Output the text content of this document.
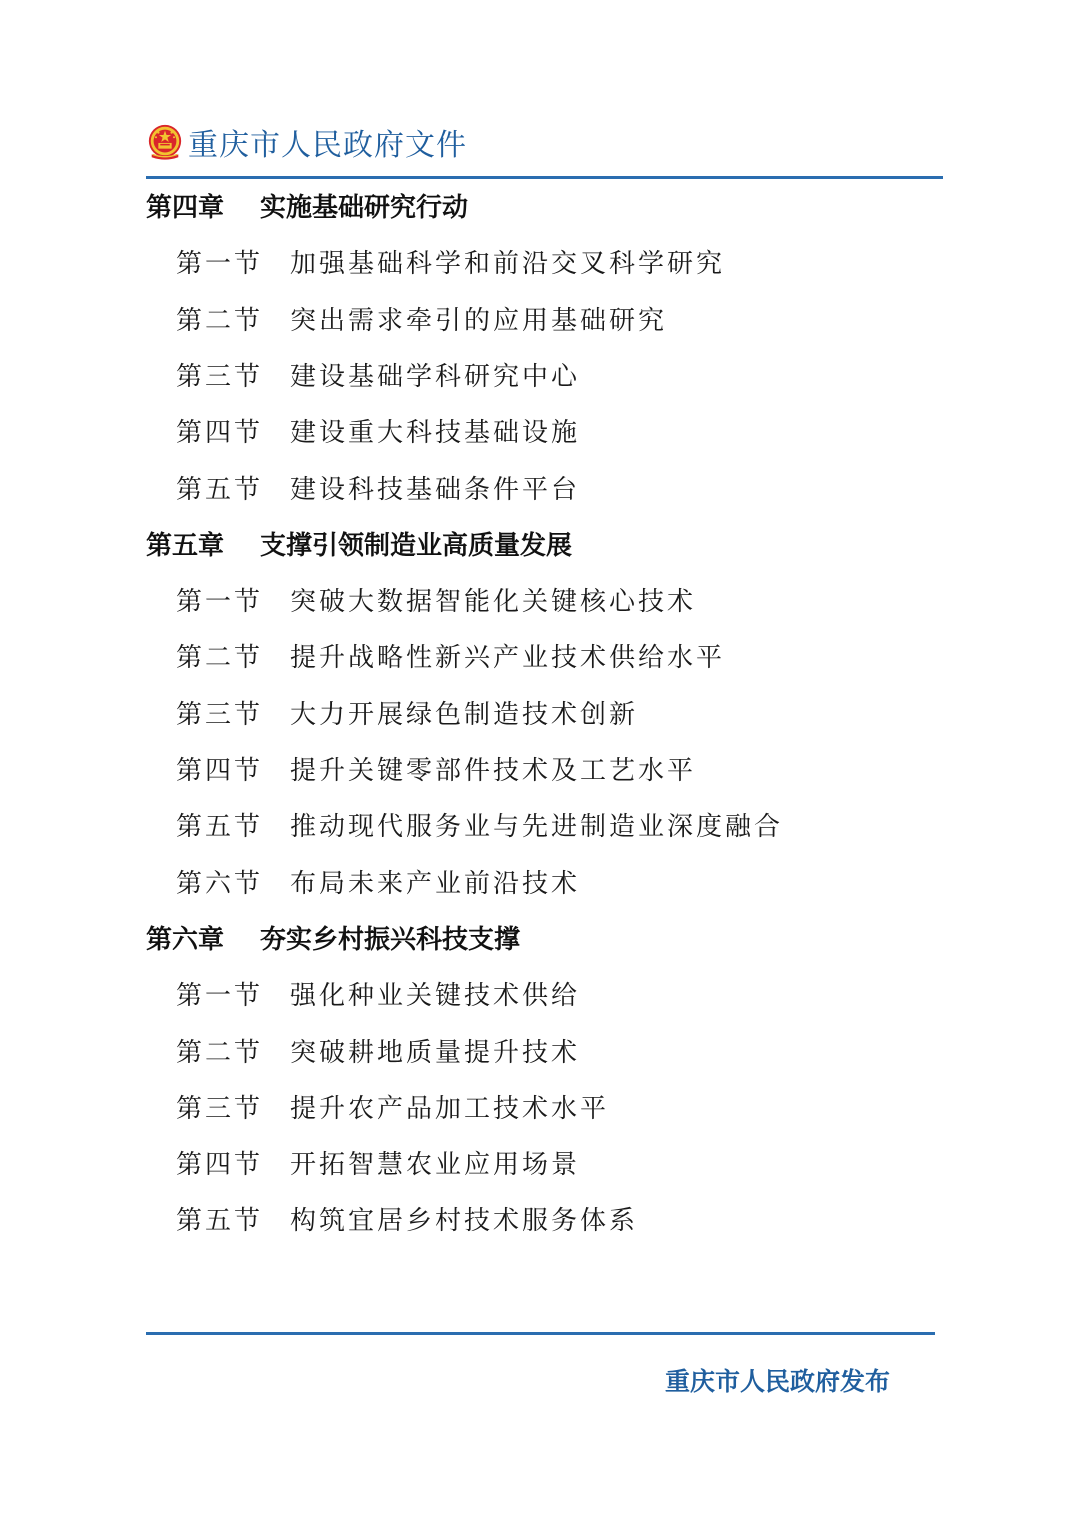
重庆市人民政府文件
第四章	实施基础研究行动
第一节	加强基础科学和前沿交叉科学研究
第二节	突出需求牵引的应用基础研究
第三节	建设基础学科研究中心
第四节	建设重大科技基础设施
第五节	建设科技基础条件平台
第五章	支撑引领制造业高质量发展
第一节	突破大数据智能化关键核心技术
第二节	提升战略性新兴产业技术供给水平
第三节	大力开展绿色制造技术创新
第四节	提升关键零部件技术及工艺水平
第五节	推动现代服务业与先进制造业深度融合
第六节	布局未来产业前沿技术
第六章	夯实乡村振兴科技支撑
第一节	强化种业关键技术供给
第二节	突破耕地质量提升技术
第三节	提升农产品加工技术水平
第四节	开拓智慧农业应用场景
第五节	构筑宜居乡村技术服务体系
重庆市人民政府发布
